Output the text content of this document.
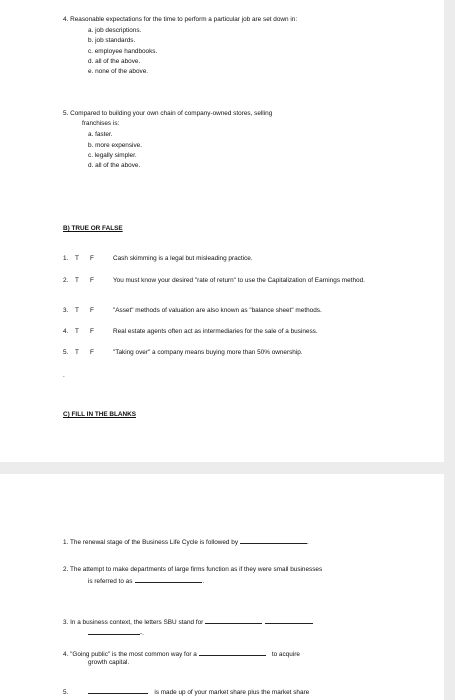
4. Reasonable expectations for the time to perform a particular job are set down in:
a. job descriptions.
b. job standards.
c. employee handbooks.
d. all of the above.
e. none of the above.
5. Compared to building your own chain of company-owned stores, selling
franchises is:
a. faster.
b. more expensive.
c. legally simpler.
d. all of the above.
B) TRUE OR FALSE
1.	T F	Cash skimming is a legal but misleading practice.
2.	T F	You must know your desired "rate of return" to use the Capitalization of Earnings method.
3.	T F	"Asset" methods of valuation are also known as "balance sheet" methods.
4.	T F	Real estate agents often act as intermediaries for the sale of a business.
5.	T F	"Taking over" a company means buying more than 50% ownership.
.
C) FILL IN THE BLANKS
1. The renewal stage of the Business Life Cycle is followed by	.
2. The attempt to make departments of large firms function as if they were small businesses
is referred to as	.
3. In a business context, the letters SBU stand for
-.
4. "Going public" is the most common way for a	to acquire
growth capital.
5.	is made up of your market share plus the market share
